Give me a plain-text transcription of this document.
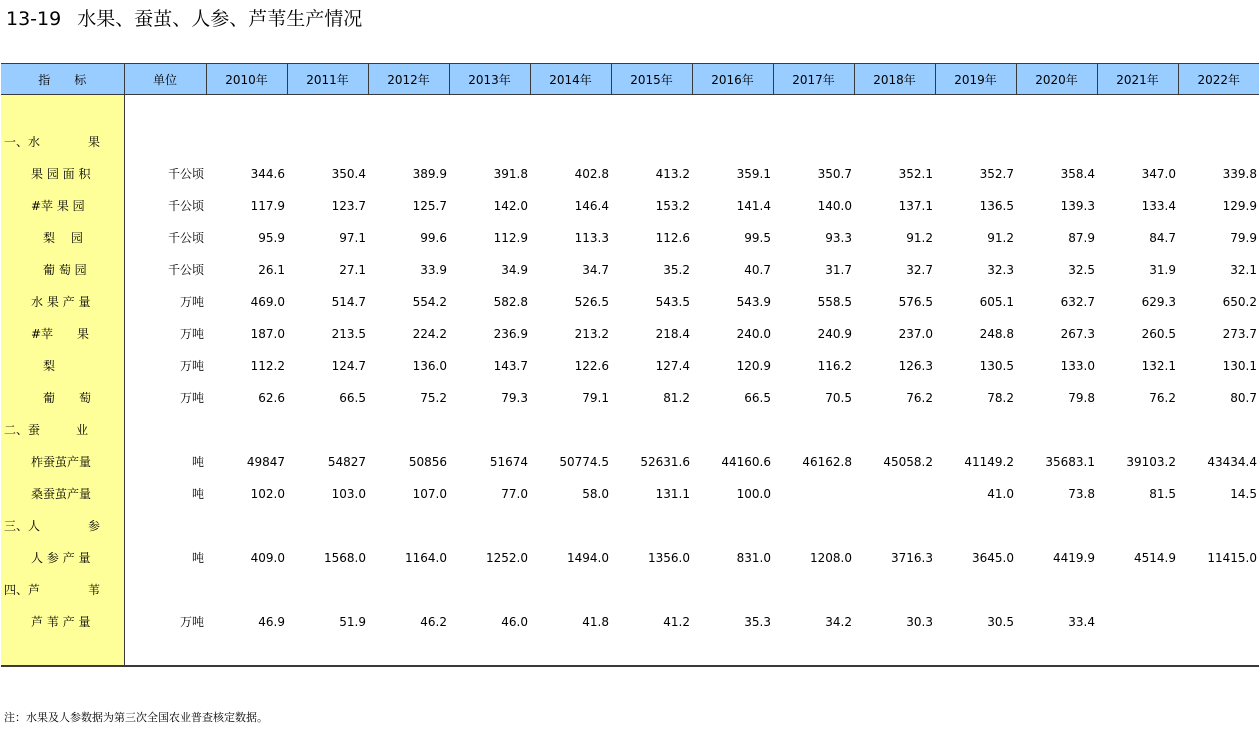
13-19 水果、蚕茧、人参、芦苇生产情况
指　　标	单位	2010年	2011年	2012年	2013年	2014年	2015年	2016年	2017年	2018年	2019年	2020年	2021年	2022年

一、水　　　　果														
果 园 面 积	千公顷	344.6	350.4	389.9	391.8	402.8	413.2	359.1	350.7	352.1	352.7	358.4	347.0	339.8
#苹 果 园	千公顷	117.9	123.7	125.7	142.0	146.4	153.2	141.4	140.0	137.1	136.5	139.3	133.4	129.9
　梨　 园	千公顷	95.9	97.1	99.6	112.9	113.3	112.6	99.5	93.3	91.2	91.2	87.9	84.7	79.9
　葡 萄 园	千公顷	26.1	27.1	33.9	34.9	34.7	35.2	40.7	31.7	32.7	32.3	32.5	31.9	32.1
水 果 产 量	万吨	469.0	514.7	554.2	582.8	526.5	543.5	543.9	558.5	576.5	605.1	632.7	629.3	650.2
#苹　　果	万吨	187.0	213.5	224.2	236.9	213.2	218.4	240.0	240.9	237.0	248.8	267.3	260.5	273.7
　梨	万吨	112.2	124.7	136.0	143.7	122.6	127.4	120.9	116.2	126.3	130.5	133.0	132.1	130.1
　葡　　萄	万吨	62.6	66.5	75.2	79.3	79.1	81.2	66.5	70.5	76.2	78.2	79.8	76.2	80.7
二、蚕　　　业														
柞蚕茧产量	吨	49847	54827	50856	51674	50774.5	52631.6	44160.6	46162.8	45058.2	41149.2	35683.1	39103.2	43434.4
桑蚕茧产量	吨	102.0	103.0	107.0	77.0	58.0	131.1	100.0			41.0	73.8	81.5	14.5
三、人　　　　参														
人 参 产 量	吨	409.0	1568.0	1164.0	1252.0	1494.0	1356.0	831.0	1208.0	3716.3	3645.0	4419.9	4514.9	11415.0
四、芦　　　　苇														
芦 苇 产 量	万吨	46.9	51.9	46.2	46.0	41.8	41.2	35.3	34.2	30.3	30.5	33.4		

注：水果及人参数据为第三次全国农业普查核定数据。
